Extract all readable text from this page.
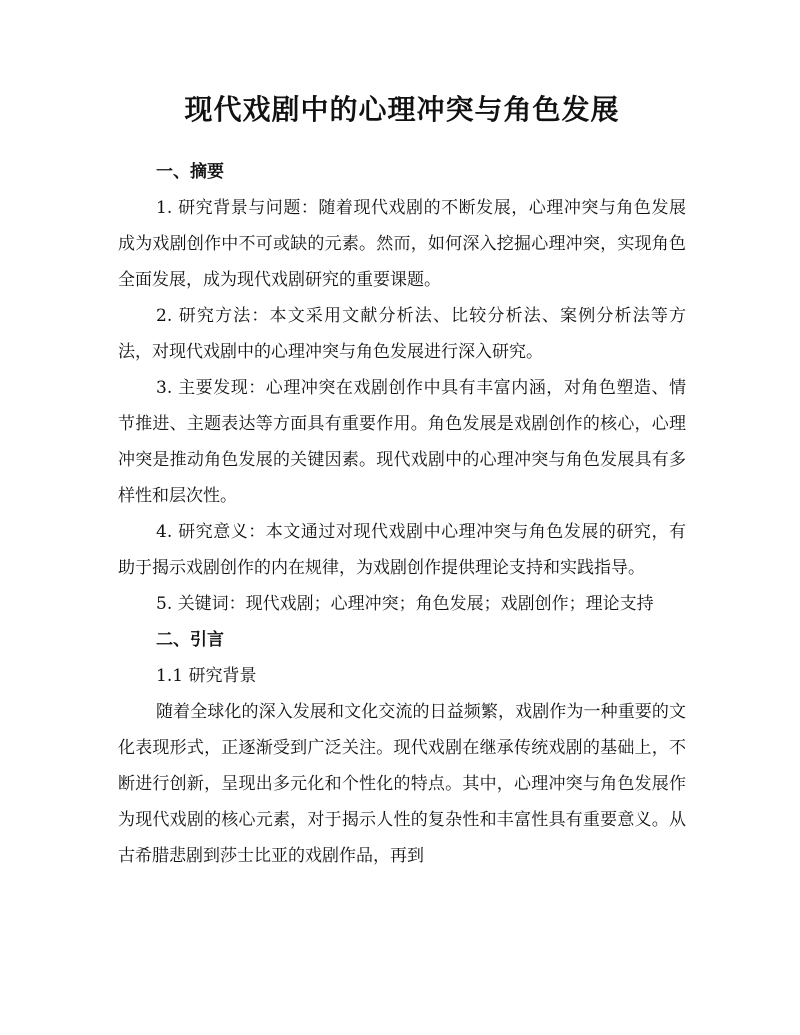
现代戏剧中的心理冲突与角色发展
一、摘要

1. 研究背景与问题：随着现代戏剧的不断发展，心理冲突与角色发展成为戏剧创作中不可或缺的元素。然而，如何深入挖掘心理冲突，实现角色全面发展，成为现代戏剧研究的重要课题。

2. 研究方法：本文采用文献分析法、比较分析法、案例分析法等方法，对现代戏剧中的心理冲突与角色发展进行深入研究。

3. 主要发现：心理冲突在戏剧创作中具有丰富内涵，对角色塑造、情节推进、主题表达等方面具有重要作用。角色发展是戏剧创作的核心，心理冲突是推动角色发展的关键因素。现代戏剧中的心理冲突与角色发展具有多样性和层次性。

4. 研究意义：本文通过对现代戏剧中心理冲突与角色发展的研究，有助于揭示戏剧创作的内在规律，为戏剧创作提供理论支持和实践指导。

5. 关键词：现代戏剧；心理冲突；角色发展；戏剧创作；理论支持

二、引言
1.1 研究背景

随着全球化的深入发展和文化交流的日益频繁，戏剧作为一种重要的文化表现形式，正逐渐受到广泛关注。现代戏剧在继承传统戏剧的基础上，不断进行创新，呈现出多元化和个性化的特点。其中，心理冲突与角色发展作为现代戏剧的核心元素，对于揭示人性的复杂性和丰富性具有重要意义。从古希腊悲剧到莎士比亚的戏剧作品，再到
